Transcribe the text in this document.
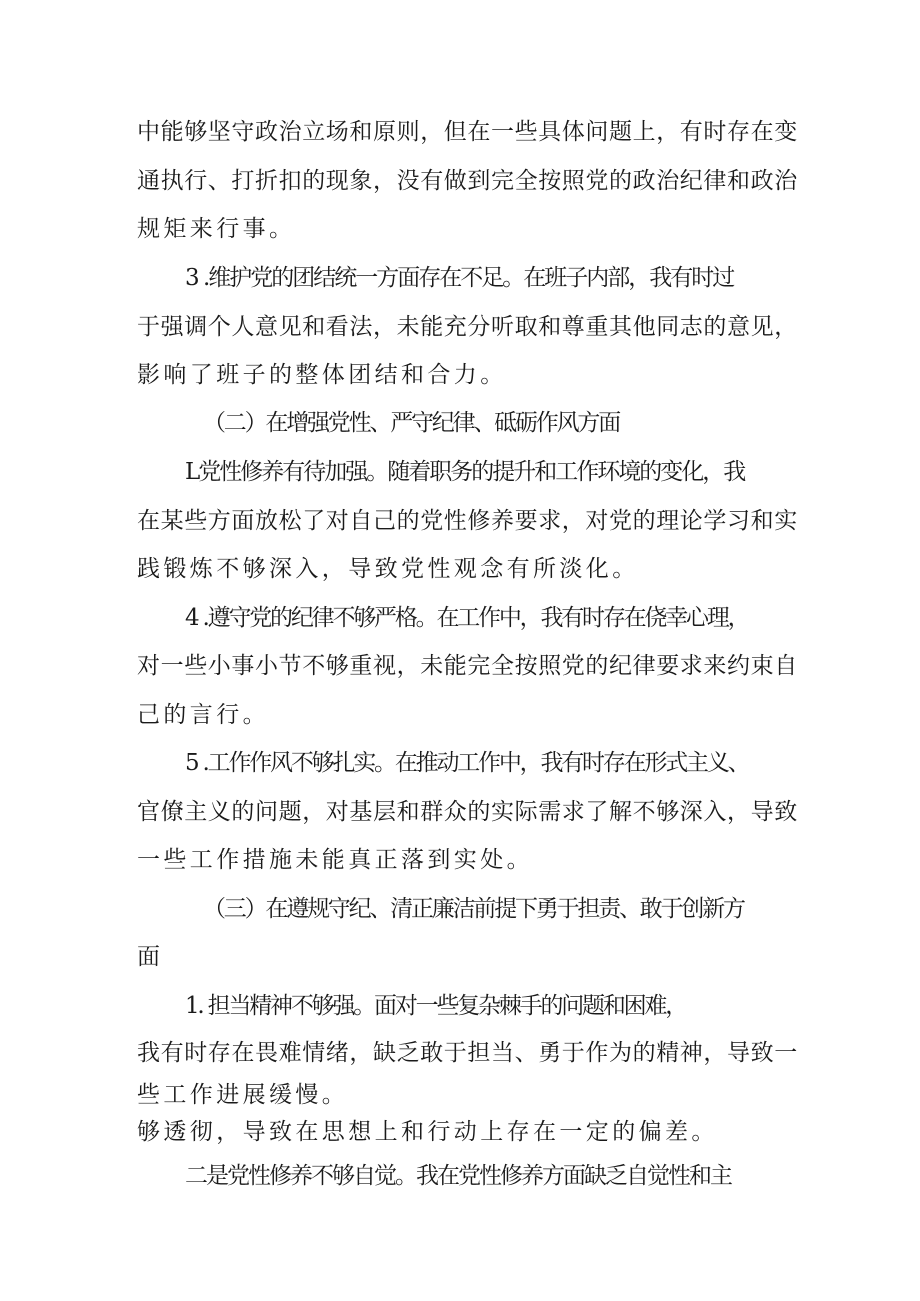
中能够坚守政治立场和原则，但在一些具体问题上，有时存在变
通执行、打折扣的现象，没有做到完全按照党的政治纪律和政治
规矩来行事。
3 .维护党的团结统一方面存在不足。在班子内部，我有时过
于强调个人意见和看法，未能充分听取和尊重其他同志的意见，
影响了班子的整体团结和合力。
（二）在增强党性、严守纪律、砥砺作风方面
L党性修养有待加强。随着职务的提升和工作环境的变化，我
在某些方面放松了对自己的党性修养要求，对党的理论学习和实
践锻炼不够深入，导致党性观念有所淡化。
4 .遵守党的纪律不够严格。在工作中，我有时存在侥幸心理，
对一些小事小节不够重视，未能完全按照党的纪律要求来约束自
己的言行。
5 .工作作风不够扎实。在推动工作中，我有时存在形式主义、
官僚主义的问题，对基层和群众的实际需求了解不够深入，导致
一些工作措施未能真正落到实处。
（三）在遵规守纪、清正廉洁前提下勇于担责、敢于创新方
面
1. 担当精神不够强。面对一些复杂棘手的问题和困难，
我有时存在畏难情绪，缺乏敢于担当、勇于作为的精神，导致一
些工作进展缓慢。
够透彻，导致在思想上和行动上存在一定的偏差。
二是党性修养不够自觉。我在党性修养方面缺乏自觉性和主
